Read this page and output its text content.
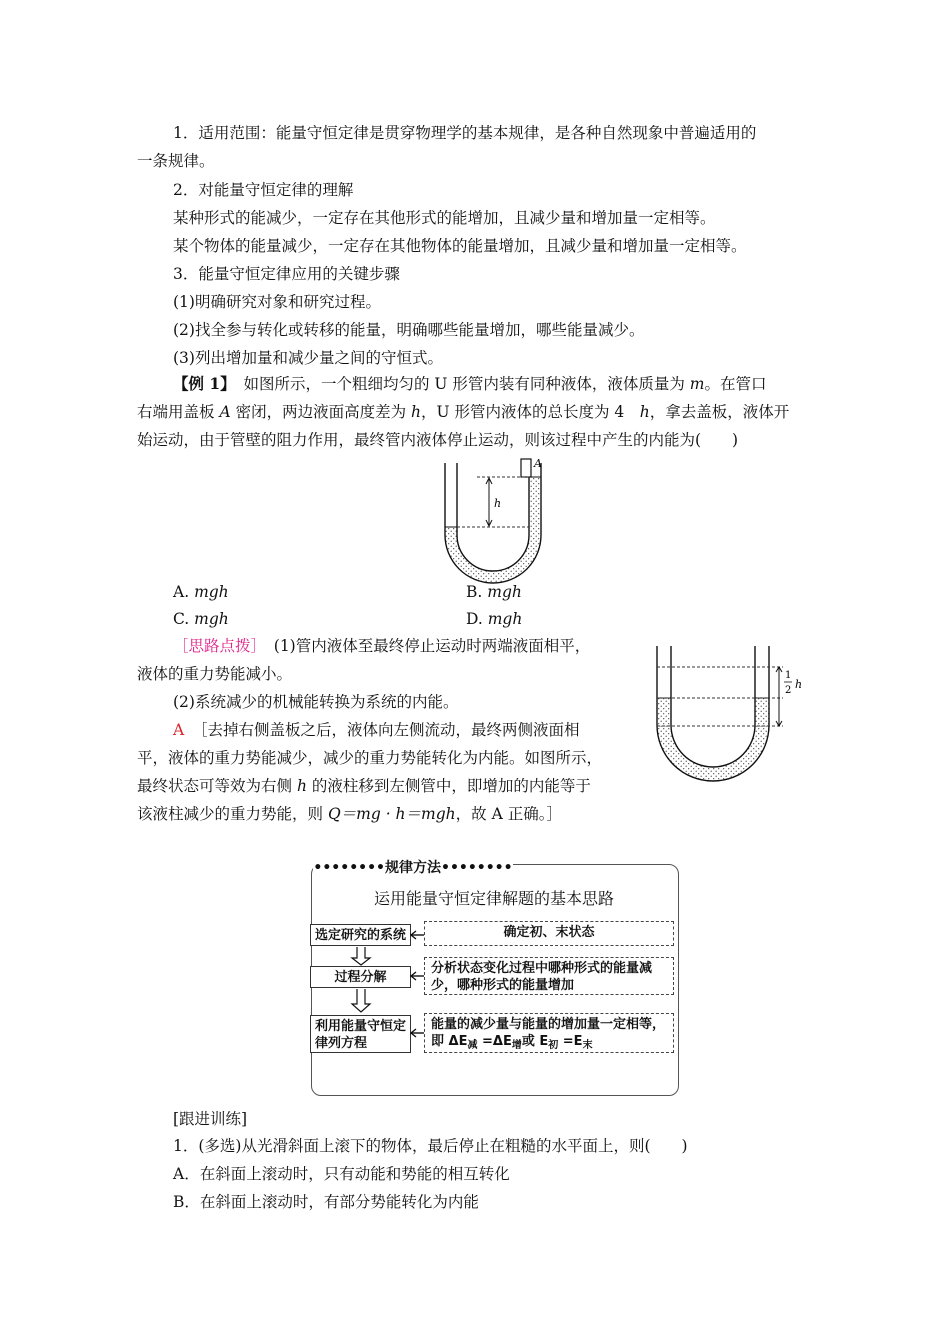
1．适用范围：能量守恒定律是贯穿物理学的基本规律，是各种自然现象中普遍适用的
一条规律。
2．对能量守恒定律的理解
某种形式的能减少，一定存在其他形式的能增加，且减少量和增加量一定相等。
某个物体的能量减少，一定存在其他物体的能量增加，且减少量和增加量一定相等。
3．能量守恒定律应用的关键步骤
(1)明确研究对象和研究过程。
(2)找全参与转化或转移的能量，明确哪些能量增加，哪些能量减少。
(3)列出增加量和减少量之间的守恒式。
【例 1】　如图所示，一个粗细均匀的 U 形管内装有同种液体，液体质量为 m。在管口
右端用盖板 A 密闭，两边液面高度差为 h，U 形管内液体的总长度为 4　h，拿去盖板，液体开
始运动，由于管壁的阻力作用，最终管内液体停止运动，则该过程中产生的内能为(　　)
h
A
A. mgh	B. mgh
C. mgh	D. mgh
［思路点拨］　(1)管内液体至最终停止运动时两端液面相平，
液体的重力势能减小。
(2)系统减少的机械能转换为系统的内能。
A　 ［去掉右侧盖板之后，液体向左侧流动，最终两侧液面相
平，液体的重力势能减少，减少的重力势能转化为内能。如图所示，
最终状态可等效为右侧 h 的液柱移到左侧管中，即增加的内能等于
该液柱减少的重力势能，则 Q＝mg · h＝mgh，故 A 正确。］
1
2 h
••••••••规律方法••••••••
运用能量守恒定律解题的基本思路
选定研究的系统	确定初、末状态
过程分解
分析状态变化过程中哪种形式的能量减少，哪种形式的能量增加
利用能量守恒定律列方程
能量的减少量与能量的增加量一定相等，
即 $\Delta E_减 =\Delta E_增$或 $E_初 =E_末$
[跟进训练]
1．(多选)从光滑斜面上滚下的物体，最后停止在粗糙的水平面上，则(　　)
A．在斜面上滚动时，只有动能和势能的相互转化
B．在斜面上滚动时，有部分势能转化为内能
